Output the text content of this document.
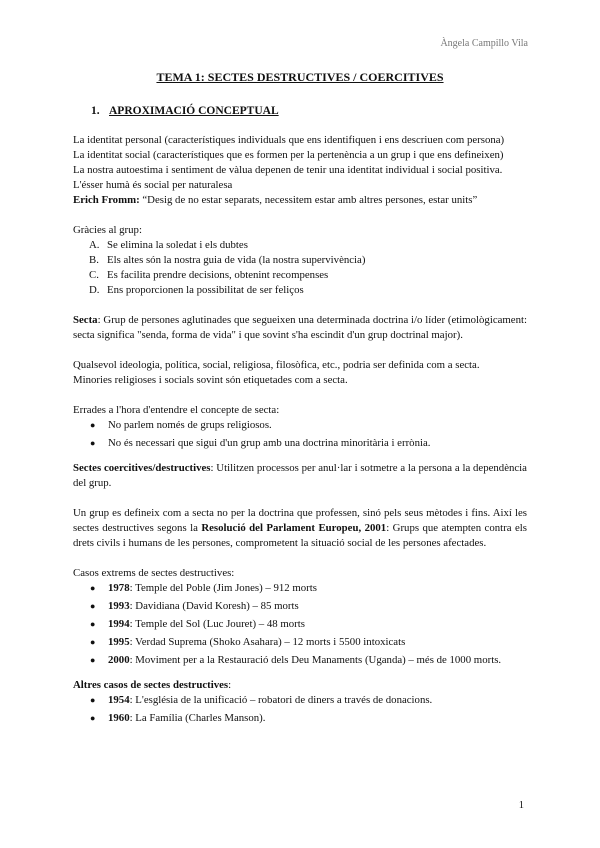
Àngela Campillo Vila
TEMA 1: SECTES DESTRUCTIVES / COERCITIVES
1. APROXIMACIÓ CONCEPTUAL

La identitat personal (característiques individuals que ens identifiquen i ens descriuen com persona)

La identitat social (característiques que es formen per la pertenència a un grup i que ens defineixen)

La nostra autoestima i sentiment de vàlua depenen de tenir una identitat individual i social positiva.

L'ésser humà és social per naturalesa

Erich Fromm: “Desig de no estar separats, necessitem estar amb altres persones, estar units”

Gràcies al grup:

A. Se elimina la soledat i els dubtes
B. Els altes són la nostra guia de vida (la nostra supervivència)
C. Es facilita prendre decisions, obtenint recompenses
D. Ens proporcionen la possibilitat de ser feliços

Secta: Grup de persones aglutinades que segueixen una determinada doctrina i/o líder (etimològicament: secta significa "senda, forma de vida" i que sovint s'ha escindit d'un grup doctrinal major).

Qualsevol ideologia, política, social, religiosa, filosòfica, etc., podria ser definida com a secta.

Minories religioses i socials sovint són etiquetades com a secta.

Errades a l'hora d'entendre el concepte de secta:

● No parlem només de grups religiosos.
● No és necessari que sigui d'un grup amb una doctrina minoritària i errònia.

Sectes coercitives/destructives: Utilitzen processos per anul·lar i sotmetre a la persona a la dependència del grup.

Un grup es defineix com a secta no per la doctrina que professen, sinó pels seus mètodes i fins. Així les sectes destructives segons la Resolució del Parlament Europeu, 2001: Grups que atempten contra els drets civils i humans de les persones, comprometent la situació social de les persones afectades.

Casos extrems de sectes destructives:

● 1978: Temple del Poble (Jim Jones) – 912 morts
● 1993: Davidiana (David Koresh) – 85 morts
● 1994: Temple del Sol (Luc Jouret) – 48 morts
● 1995: Verdad Suprema (Shoko Asahara) – 12 morts i 5500 intoxicats
● 2000: Moviment per a la Restauració dels Deu Manaments (Uganda) – més de 1000 morts.

Altres casos de sectes destructives:

● 1954: L'església de la unificació – robatori de diners a través de donacions.
● 1960: La Família (Charles Manson).
1
